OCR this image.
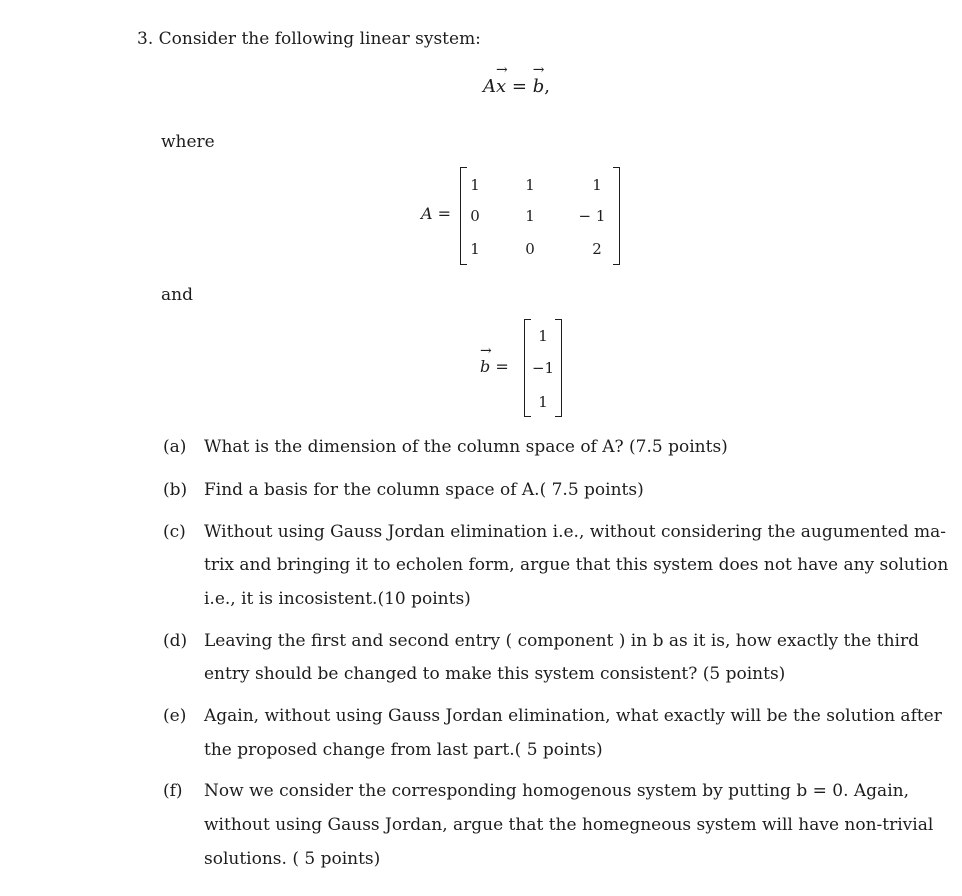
3. Consider the following linear system:
A
→
x =
→
b,
where
A =
1	1	1
0	1	− 1
1	0	2
and
→
b =
1
−1
1
(a) What is the dimension of the column space of A? (7.5 points)
(b) Find a basis for the column space of A.( 7.5 points)
(c) Without using Gauss Jordan elimination i.e., without considering the augumented ma-
trix and bringing it to echolen form, argue that this system does not have any solution
i.e., it is incosistent.(10 points)
(d) Leaving the first and second entry ( component ) in b as it is, how exactly the third
entry should be changed to make this system consistent? (5 points)
(e) Again, without using Gauss Jordan elimination, what exactly will be the solution after
the proposed change from last part.( 5 points)
(f) Now we consider the corresponding homogenous system by putting b = 0. Again,
without using Gauss Jordan, argue that the homegneous system will have non-trivial
solutions. ( 5 points)
